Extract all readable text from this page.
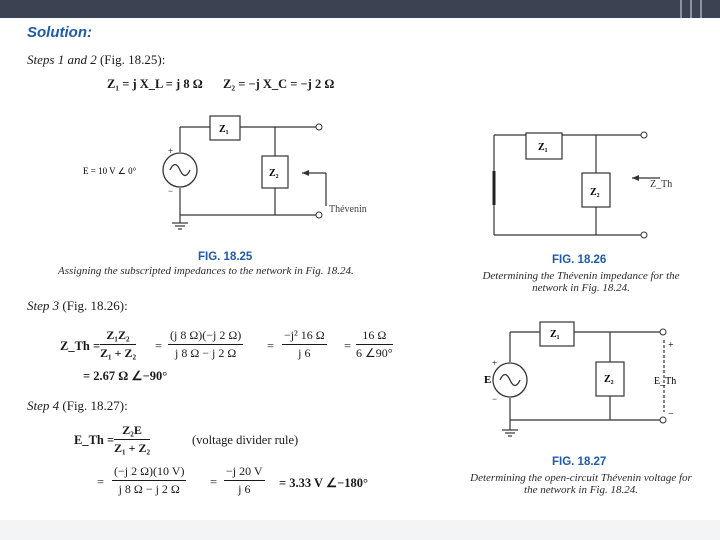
Solution:
Steps 1 and 2 (Fig. 18.25):
Z₁ = j X_L = j 8 Ω Z₂ = −j X_C = −j 2 Ω
Z₁
Z₂
+
−
E = 10 V ∠ 0°
Thévenin
FIG. 18.25
Assigning the subscripted impedances to the network in Fig. 18.24.
Z₁
Z₂
Z_Th
FIG. 18.26
Determining the Thévenin impedance for the
network in Fig. 18.24.
Step 3 (Fig. 18.26):
Z_Th = $\frac{\text{Z₁Z₂}}{\text{Z₁ + Z₂}} = \frac{(j 8 \Omega)(-j 2 \Omega)}{j 8 \Omega - j 2 \Omega} = \frac{\text{−j² 16 Ω}}{j 6} = \frac{16 \Omega}{6 \angle 90^\circ}$
= 2.67 Ω ∠−90°
Step 4 (Fig. 18.27):
E_Th = $\frac{\text{Z₂E}}{\text{Z₁ + Z₂}}$	(voltage divider rule)
= $\frac{(-j 2 \Omega)(10 V)}{j 8 \Omega - j 2 \Omega} = \frac{-j 20 V}{j 6} = 3.33$ V ∠−180°
Z₁
Z₂
E
+
−
+
−
E_Th
FIG. 18.27
Determining the open-circuit Thévenin voltage for
the network in Fig. 18.24.
